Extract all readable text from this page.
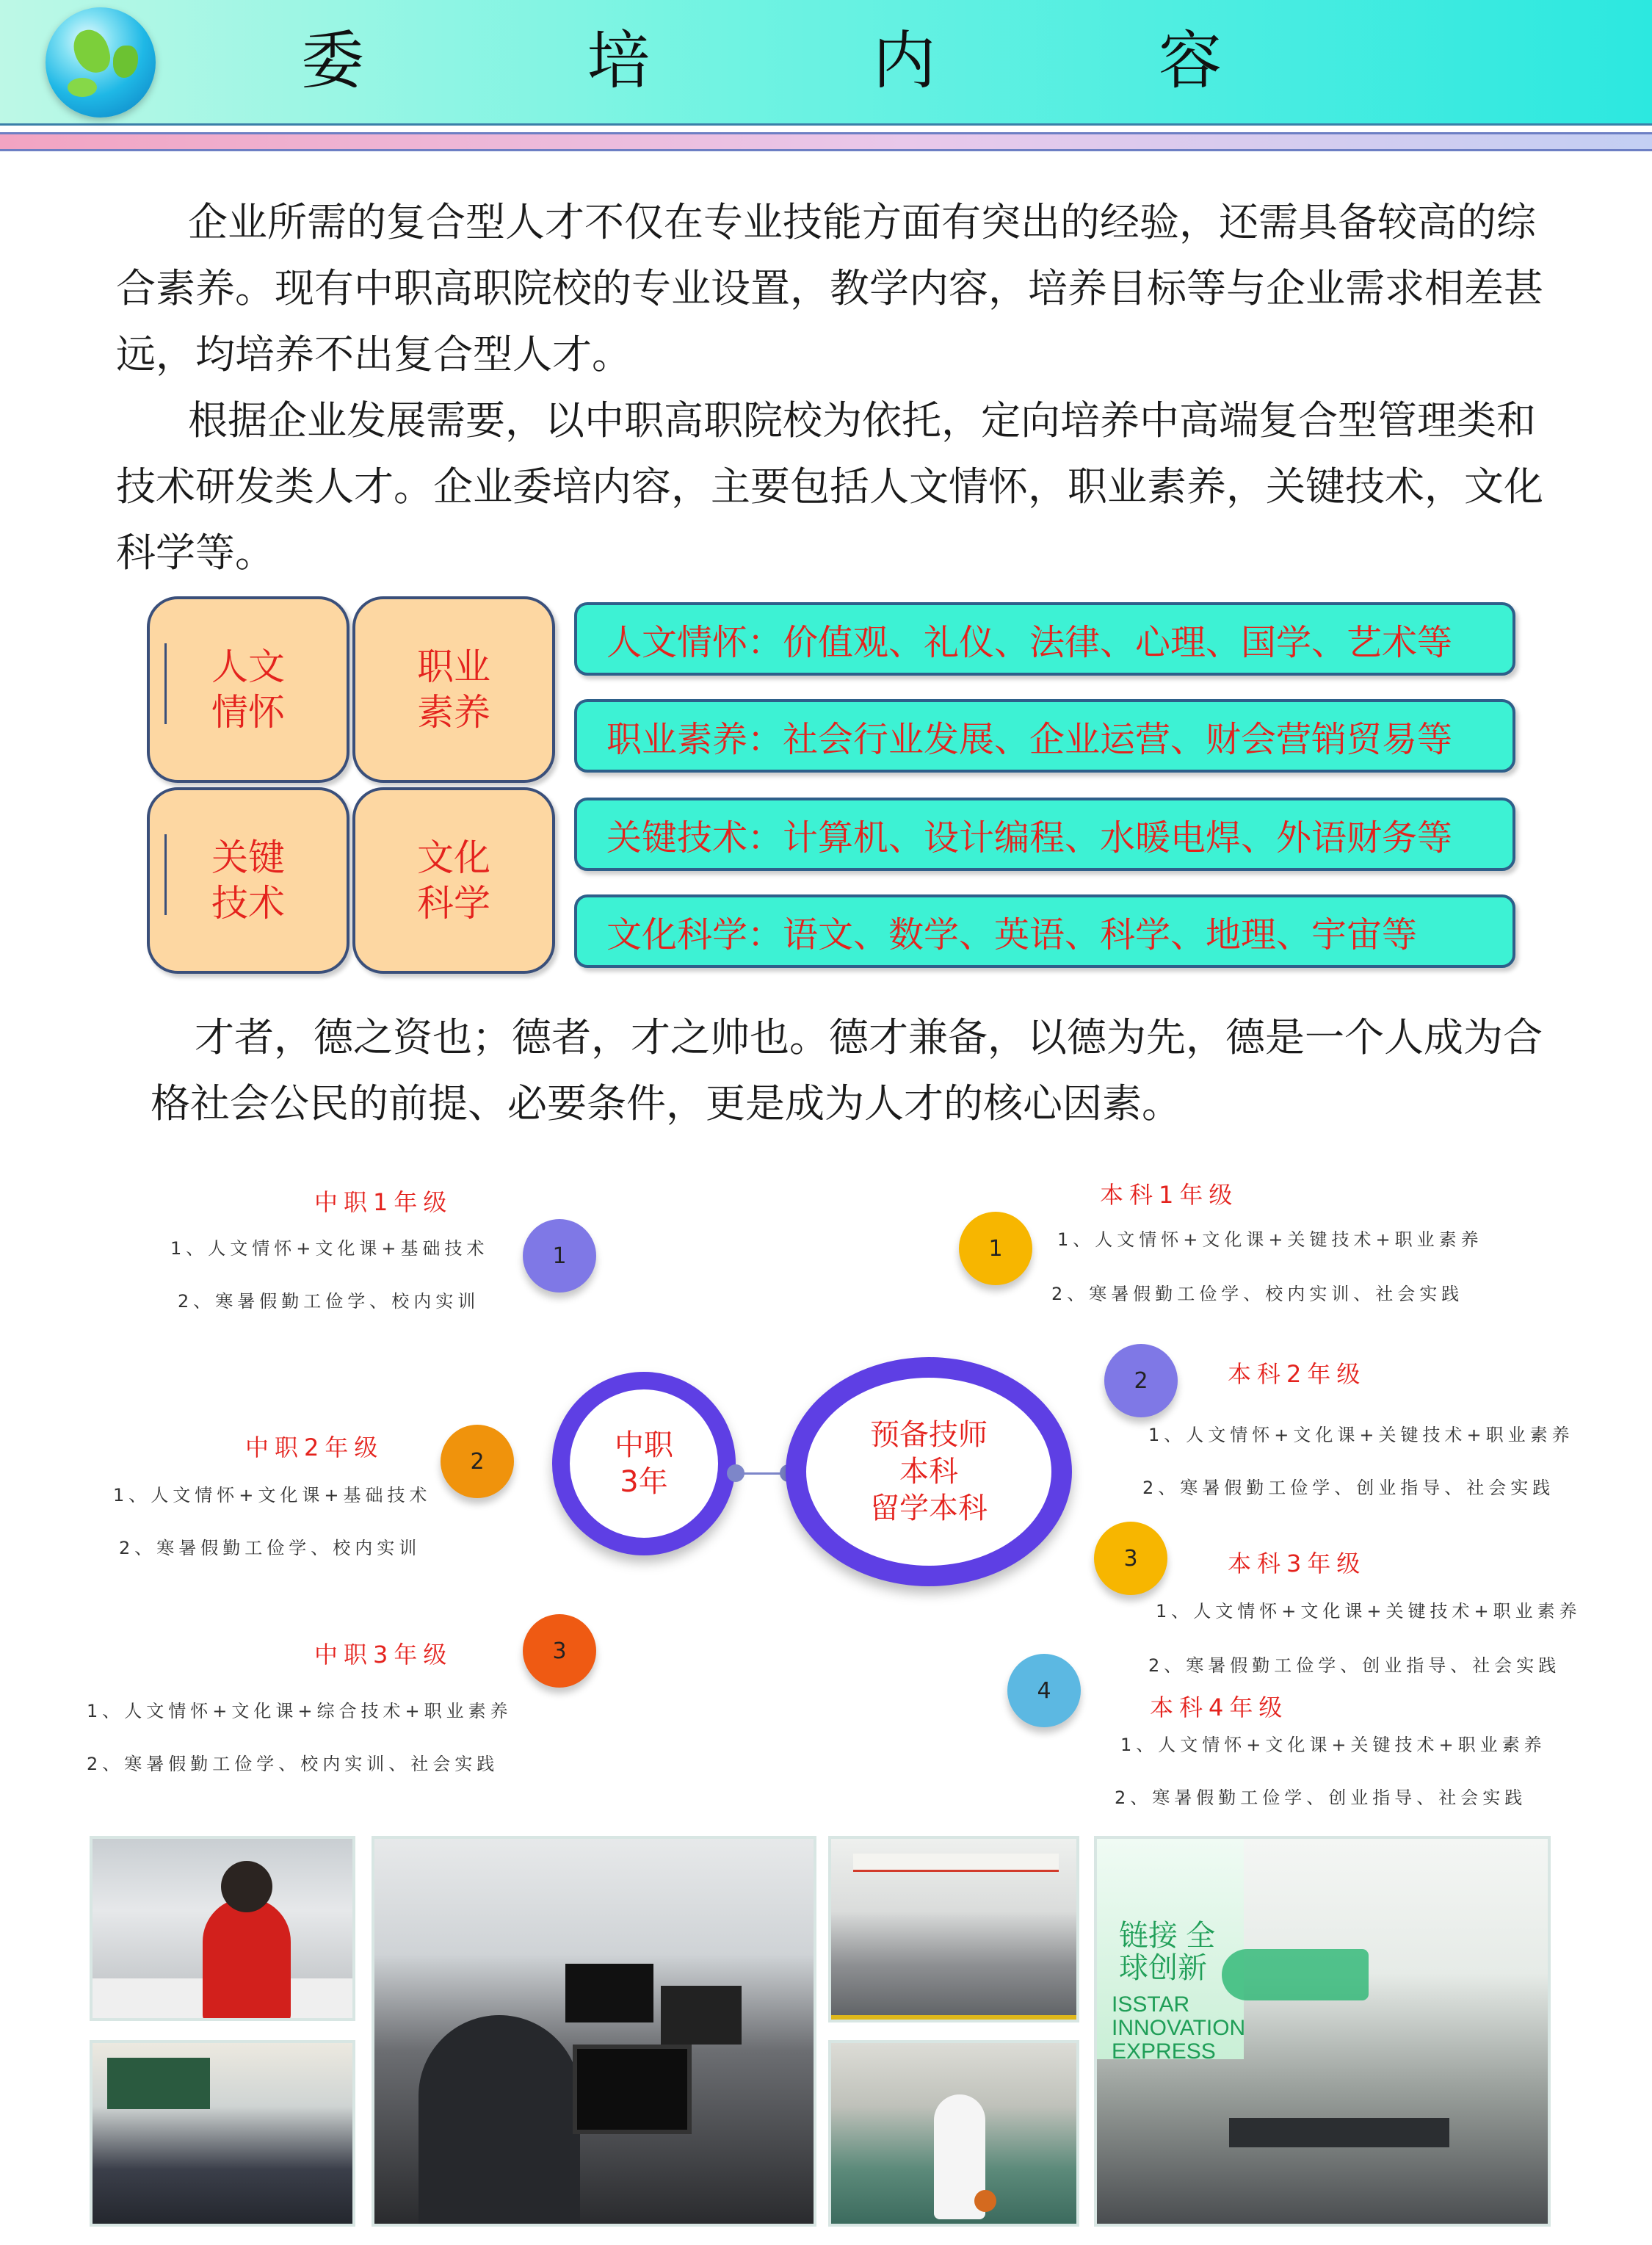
委 培 内 容
企业所需的复合型人才不仅在专业技能方面有突出的经验，还需具备较高的综合素养。现有中职高职院校的专业设置，教学内容，培养目标等与企业需求相差甚远，均培养不出复合型人才。
根据企业发展需要，以中职高职院校为依托，定向培养中高端复合型管理类和技术研发类人才。企业委培内容，主要包括人文情怀，职业素养，关键技术，文化科学等。
人文情怀
职业素养
关键技术
文化科学
人文情怀：价值观、礼仪、法律、心理、国学、艺术等
职业素养：社会行业发展、企业运营、财会营销贸易等
关键技术：计算机、设计编程、水暖电焊、外语财务等
文化科学：语文、数学、英语、科学、地理、宇宙等
才者，德之资也；德者，才之帅也。德才兼备，以德为先，德是一个人成为合格社会公民的前提、必要条件，更是成为人才的核心因素。
中职1年级
1、人文情怀+文化课+基础技术
2、寒暑假勤工俭学、校内实训
1
中职2年级
1、人文情怀+文化课+基础技术
2、寒暑假勤工俭学、校内实训
2
中职3年级
1、人文情怀+文化课+综合技术+职业素养
2、寒暑假勤工俭学、校内实训、社会实践
3
中职
3年
预备技师
本科
留学本科
1
本科1年级
1、人文情怀+文化课+关键技术+职业素养
2、寒暑假勤工俭学、校内实训、社会实践
2	本科2年级
1、人文情怀+文化课+关键技术+职业素养
2、寒暑假勤工俭学、创业指导、社会实践
3	本科3年级
1、人文情怀+文化课+关键技术+职业素养
2、寒暑假勤工俭学、创业指导、社会实践
4
本科4年级
1、人文情怀+文化课+关键技术+职业素养
2、寒暑假勤工俭学、创业指导、社会实践
链接 全球创新
ISSTAR INNOVATION EXPRESS
